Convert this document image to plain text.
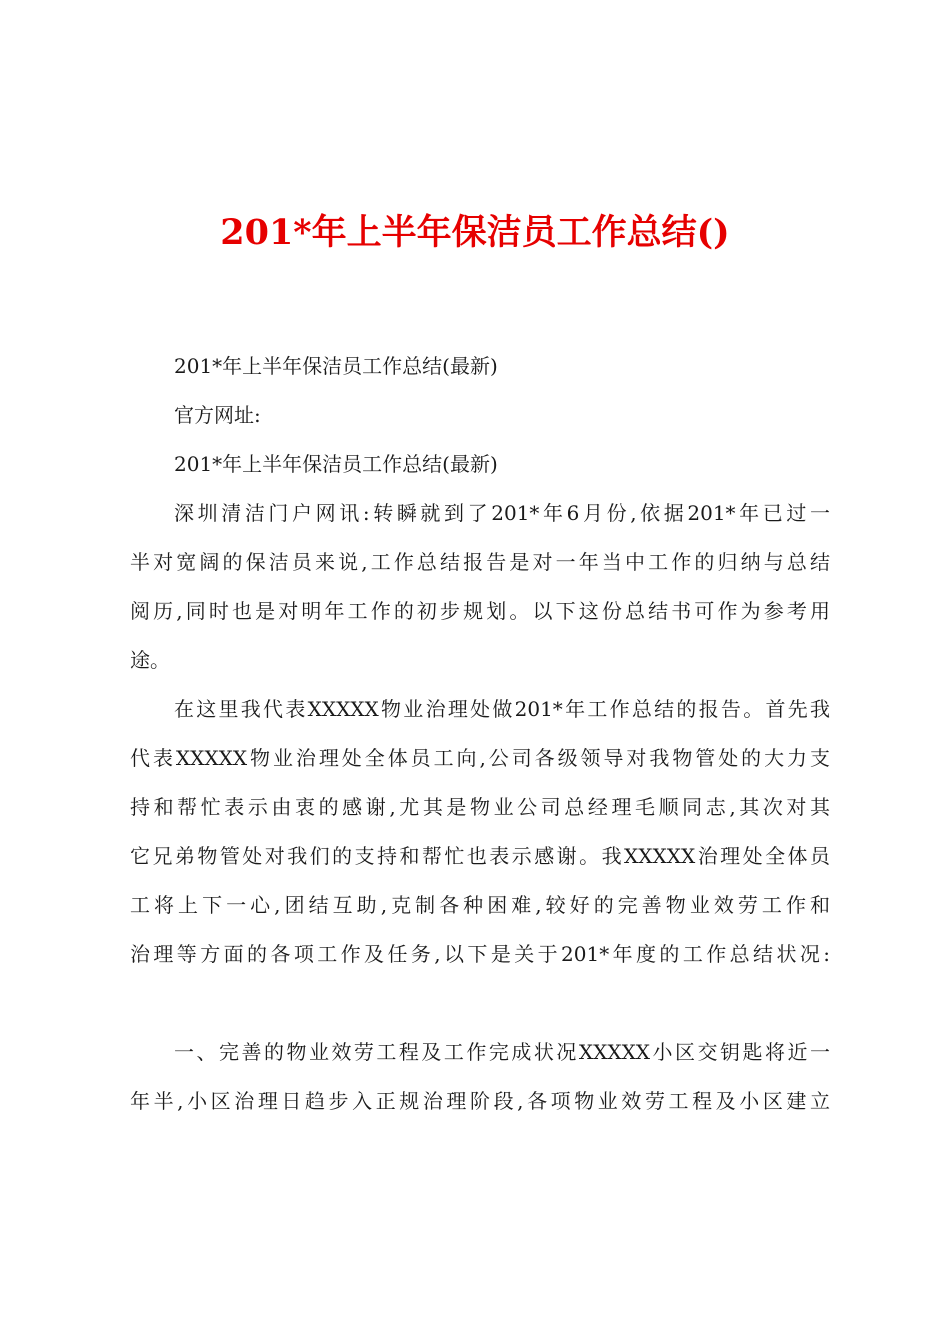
201*年上半年保洁员工作总结()
201*年上半年保洁员工作总结(最新)
官方网址:
201*年上半年保洁员工作总结(最新)
深圳清洁门户网讯:转瞬就到了201*年6月份,依据201*年已过一
半对宽阔的保洁员来说,工作总结报告是对一年当中工作的归纳与总结
阅历,同时也是对明年工作的初步规划。以下这份总结书可作为参考用
途。
在这里我代表XXXXX物业治理处做201*年工作总结的报告。首先我
代表XXXXX物业治理处全体员工向,公司各级领导对我物管处的大力支
持和帮忙表示由衷的感谢,尤其是物业公司总经理毛顺同志,其次对其
它兄弟物管处对我们的支持和帮忙也表示感谢。我XXXXX治理处全体员
工将上下一心,团结互助,克制各种困难,较好的完善物业效劳工作和
治理等方面的各项工作及任务,以下是关于201*年度的工作总结状况:
一、完善的物业效劳工程及工作完成状况XXXXX小区交钥匙将近一
年半,小区治理日趋步入正规治理阶段,各项物业效劳工程及小区建立
